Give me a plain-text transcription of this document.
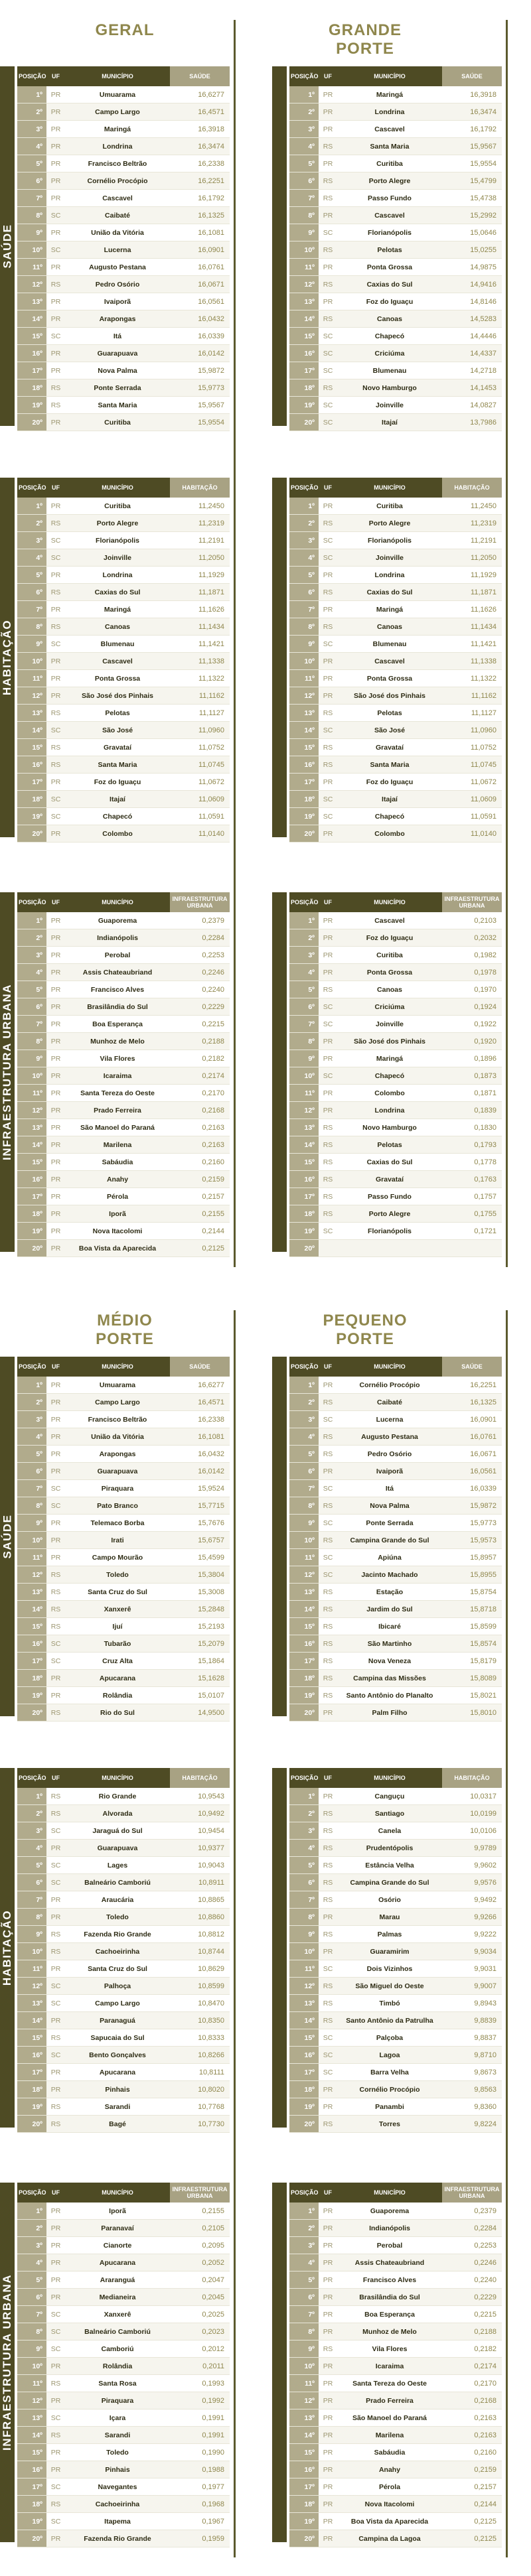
GERAL	GRANDE PORTE
SAÚDE
POSIÇÃO	UF	MUNICÍPIO	SAÚDE
1º	PR	Umuarama	16,6277
2º	PR	Campo Largo	16,4571
3º	PR	Maringá	16,3918
4º	PR	Londrina	16,3474
5º	PR	Francisco Beltrão	16,2338
6º	PR	Cornélio Procópio	16,2251
7º	PR	Cascavel	16,1792
8º	SC	Caibaté	16,1325
9º	PR	União da Vitória	16,1081
10º	SC	Lucerna	16,0901
11º	PR	Augusto Pestana	16,0761
12º	RS	Pedro Osório	16,0671
13º	PR	Ivaiporã	16,0561
14º	PR	Arapongas	16,0432
15º	SC	Itá	16,0339
16º	PR	Guarapuava	16,0142
17º	PR	Nova Palma	15,9872
18º	RS	Ponte Serrada	15,9773
19º	RS	Santa Maria	15,9567
20º	PR	Curitiba	15,9554
POSIÇÃO	UF	MUNICÍPIO	SAÚDE
1º	PR	Maringá	16,3918
2º	PR	Londrina	16,3474
3º	PR	Cascavel	16,1792
4º	RS	Santa Maria	15,9567
5º	PR	Curitiba	15,9554
6º	RS	Porto Alegre	15,4799
7º	RS	Passo Fundo	15,4738
8º	PR	Cascavel	15,2992
9º	SC	Florianópolis	15,0646
10º	RS	Pelotas	15,0255
11º	PR	Ponta Grossa	14,9875
12º	RS	Caxias do Sul	14,9416
13º	PR	Foz do Iguaçu	14,8146
14º	RS	Canoas	14,5283
15º	SC	Chapecó	14,4446
16º	SC	Criciúma	14,4337
17º	SC	Blumenau	14,2718
18º	RS	Novo Hamburgo	14,1453
19º	SC	Joinville	14,0827
20º	SC	Itajaí	13,7986
HABITAÇÃO
POSIÇÃO	UF	MUNICÍPIO	HABITAÇÃO
1º	PR	Curitiba	11,2450
2º	RS	Porto Alegre	11,2319
3º	SC	Florianópolis	11,2191
4º	SC	Joinville	11,2050
5º	PR	Londrina	11,1929
6º	RS	Caxias do Sul	11,1871
7º	PR	Maringá	11,1626
8º	RS	Canoas	11,1434
9º	SC	Blumenau	11,1421
10º	PR	Cascavel	11,1338
11º	PR	Ponta Grossa	11,1322
12º	PR	São José dos Pinhais	11,1162
13º	RS	Pelotas	11,1127
14º	SC	São José	11,0960
15º	RS	Gravataí	11,0752
16º	RS	Santa Maria	11,0745
17º	PR	Foz do Iguaçu	11,0672
18º	SC	Itajaí	11,0609
19º	SC	Chapecó	11,0591
20º	PR	Colombo	11,0140
POSIÇÃO	UF	MUNICÍPIO	HABITAÇÃO
1º	PR	Curitiba	11,2450
2º	RS	Porto Alegre	11,2319
3º	SC	Florianópolis	11,2191
4º	SC	Joinville	11,2050
5º	PR	Londrina	11,1929
6º	RS	Caxias do Sul	11,1871
7º	PR	Maringá	11,1626
8º	RS	Canoas	11,1434
9º	SC	Blumenau	11,1421
10º	PR	Cascavel	11,1338
11º	PR	Ponta Grossa	11,1322
12º	PR	São José dos Pinhais	11,1162
13º	RS	Pelotas	11,1127
14º	SC	São José	11,0960
15º	RS	Gravataí	11,0752
16º	RS	Santa Maria	11,0745
17º	PR	Foz do Iguaçu	11,0672
18º	SC	Itajaí	11,0609
19º	SC	Chapecó	11,0591
20º	PR	Colombo	11,0140
INFRAESTRUTURA URBANA
POSIÇÃO	UF	MUNICÍPIO	INFRAESTRUTURA URBANA
1º	PR	Guaporema	0,2379
2º	PR	Indianópolis	0,2284
3º	PR	Perobal	0,2253
4º	PR	Assis Chateaubriand	0,2246
5º	PR	Francisco Alves	0,2240
6º	PR	Brasilândia do Sul	0,2229
7º	PR	Boa Esperança	0,2215
8º	PR	Munhoz de Melo	0,2188
9º	PR	Vila Flores	0,2182
10º	PR	Icaraima	0,2174
11º	PR	Santa Tereza do Oeste	0,2170
12º	PR	Prado Ferreira	0,2168
13º	PR	São Manoel do Paraná	0,2163
14º	PR	Marilena	0,2163
15º	PR	Sabáudia	0,2160
16º	PR	Anahy	0,2159
17º	PR	Pérola	0,2157
18º	PR	Iporã	0,2155
19º	PR	Nova Itacolomi	0,2144
20º	PR	Boa Vista da Aparecida	0,2125
POSIÇÃO	UF	MUNICÍPIO	INFRAESTRUTURA URBANA
1º	PR	Cascavel	0,2103
2º	PR	Foz do Iguaçu	0,2032
3º	PR	Curitiba	0,1982
4º	PR	Ponta Grossa	0,1978
5º	RS	Canoas	0,1970
6º	SC	Criciúma	0,1924
7º	SC	Joinville	0,1922
8º	PR	São José dos Pinhais	0,1920
9º	PR	Maringá	0,1896
10º	SC	Chapecó	0,1873
11º	PR	Colombo	0,1871
12º	PR	Londrina	0,1839
13º	RS	Novo Hamburgo	0,1830
14º	RS	Pelotas	0,1793
15º	RS	Caxias do Sul	0,1778
16º	RS	Gravataí	0,1763
17º	RS	Passo Fundo	0,1757
18º	RS	Porto Alegre	0,1755
19º	SC	Florianópolis	0,1721
20º			
MÉDIO PORTE
PEQUENO PORTE
SAÚDE
POSIÇÃO	UF	MUNICÍPIO	SAÚDE
1º	PR	Umuarama	16,6277
2º	PR	Campo Largo	16,4571
3º	PR	Francisco Beltrão	16,2338
4º	PR	União da Vitória	16,1081
5º	PR	Arapongas	16,0432
6º	PR	Guarapuava	16,0142
7º	SC	Piraquara	15,9524
8º	SC	Pato Branco	15,7715
9º	PR	Telemaco Borba	15,7676
10º	PR	Irati	15,6757
11º	PR	Campo Mourão	15,4599
12º	RS	Toledo	15,3804
13º	RS	Santa Cruz do Sul	15,3008
14º	RS	Xanxerê	15,2848
15º	RS	Ijuí	15,2193
16º	SC	Tubarão	15,2079
17º	SC	Cruz Alta	15,1864
18º	PR	Apucarana	15,1628
19º	PR	Rolândia	15,0107
20º	RS	Rio do Sul	14,9500
POSIÇÃO	UF	MUNICÍPIO	SAÚDE
1º	PR	Cornélio Procópio	16,2251
2º	RS	Caibaté	16,1325
3º	SC	Lucerna	16,0901
4º	RS	Augusto Pestana	16,0761
5º	RS	Pedro Osório	16,0671
6º	PR	Ivaiporã	16,0561
7º	SC	Itá	16,0339
8º	RS	Nova Palma	15,9872
9º	SC	Ponte Serrada	15,9773
10º	RS	Campina Grande do Sul	15,9573
11º	SC	Apiúna	15,8957
12º	SC	Jacinto Machado	15,8955
13º	RS	Estação	15,8754
14º	RS	Jardim do Sul	15,8718
15º	RS	Ibicaré	15,8599
16º	RS	São Martinho	15,8574
17º	RS	Nova Veneza	15,8179
18º	RS	Campina das Missões	15,8089
19º	RS	Santo Antônio do Planalto	15,8021
20º	PR	Palm Filho	15,8010
HABITAÇÃO
POSIÇÃO	UF	MUNICÍPIO	HABITAÇÃO
1º	RS	Rio Grande	10,9543
2º	RS	Alvorada	10,9492
3º	SC	Jaraguá do Sul	10,9454
4º	PR	Guarapuava	10,9377
5º	SC	Lages	10,9043
6º	SC	Balneário Camboriú	10,8911
7º	PR	Araucária	10,8865
8º	PR	Toledo	10,8860
9º	RS	Fazenda Rio Grande	10,8812
10º	RS	Cachoeirinha	10,8744
11º	PR	Santa Cruz do Sul	10,8629
12º	SC	Palhoça	10,8599
13º	SC	Campo Largo	10,8470
14º	PR	Paranaguá	10,8350
15º	RS	Sapucaia do Sul	10,8333
16º	SC	Bento Gonçalves	10,8266
17º	PR	Apucarana	10,8111
18º	PR	Pinhais	10,8020
19º	RS	Sarandi	10,7768
20º	RS	Bagé	10,7730
POSIÇÃO	UF	MUNICÍPIO	HABITAÇÃO
1º	PR	Canguçu	10,0317
2º	RS	Santiago	10,0199
3º	RS	Canela	10,0106
4º	RS	Prudentópolis	9,9789
5º	RS	Estância Velha	9,9602
6º	RS	Campina Grande do Sul	9,9576
7º	RS	Osório	9,9492
8º	PR	Marau	9,9266
9º	RS	Palmas	9,9222
10º	PR	Guaramirim	9,9034
11º	SC	Dois Vizinhos	9,9031
12º	RS	São Miguel do Oeste	9,9007
13º	RS	Timbó	9,8943
14º	RS	Santo Antônio da Patrulha	9,8839
15º	SC	Palçoba	9,8837
16º	SC	Lagoa	9,8710
17º	SC	Barra Velha	9,8673
18º	PR	Cornélio Procópio	9,8563
19º	PR	Panambi	9,8360
20º	RS	Torres	9,8224
INFRAESTRUTURA URBANA
POSIÇÃO	UF	MUNICÍPIO	INFRAESTRUTURA URBANA
1º	PR	Iporã	0,2155
2º	PR	Paranavaí	0,2105
3º	PR	Cianorte	0,2095
4º	PR	Apucarana	0,2052
5º	PR	Araranguá	0,2047
6º	PR	Medianeira	0,2045
7º	SC	Xanxerê	0,2025
8º	SC	Balneário Camboriú	0,2023
9º	SC	Camboriú	0,2012
10º	PR	Rolândia	0,2011
11º	RS	Santa Rosa	0,1993
12º	PR	Piraquara	0,1992
13º	SC	Içara	0,1991
14º	RS	Sarandi	0,1991
15º	PR	Toledo	0,1990
16º	PR	Pinhais	0,1988
17º	SC	Navegantes	0,1977
18º	RS	Cachoeirinha	0,1968
19º	SC	Itapema	0,1967
20º	PR	Fazenda Rio Grande	0,1959
POSIÇÃO	UF	MUNICÍPIO	INFRAESTRUTURA URBANA
1º	PR	Guaporema	0,2379
2º	PR	Indianópolis	0,2284
3º	PR	Perobal	0,2253
4º	PR	Assis Chateaubriand	0,2246
5º	PR	Francisco Alves	0,2240
6º	PR	Brasilândia do Sul	0,2229
7º	PR	Boa Esperança	0,2215
8º	PR	Munhoz de Melo	0,2188
9º	RS	Vila Flores	0,2182
10º	PR	Icaraima	0,2174
11º	PR	Santa Tereza do Oeste	0,2170
12º	PR	Prado Ferreira	0,2168
13º	PR	São Manoel do Paraná	0,2163
14º	PR	Marilena	0,2163
15º	PR	Sabáudia	0,2160
16º	PR	Anahy	0,2159
17º	PR	Pérola	0,2157
18º	PR	Nova Itacolomi	0,2144
19º	PR	Boa Vista da Aparecida	0,2125
20º	PR	Campina da Lagoa	0,2125
